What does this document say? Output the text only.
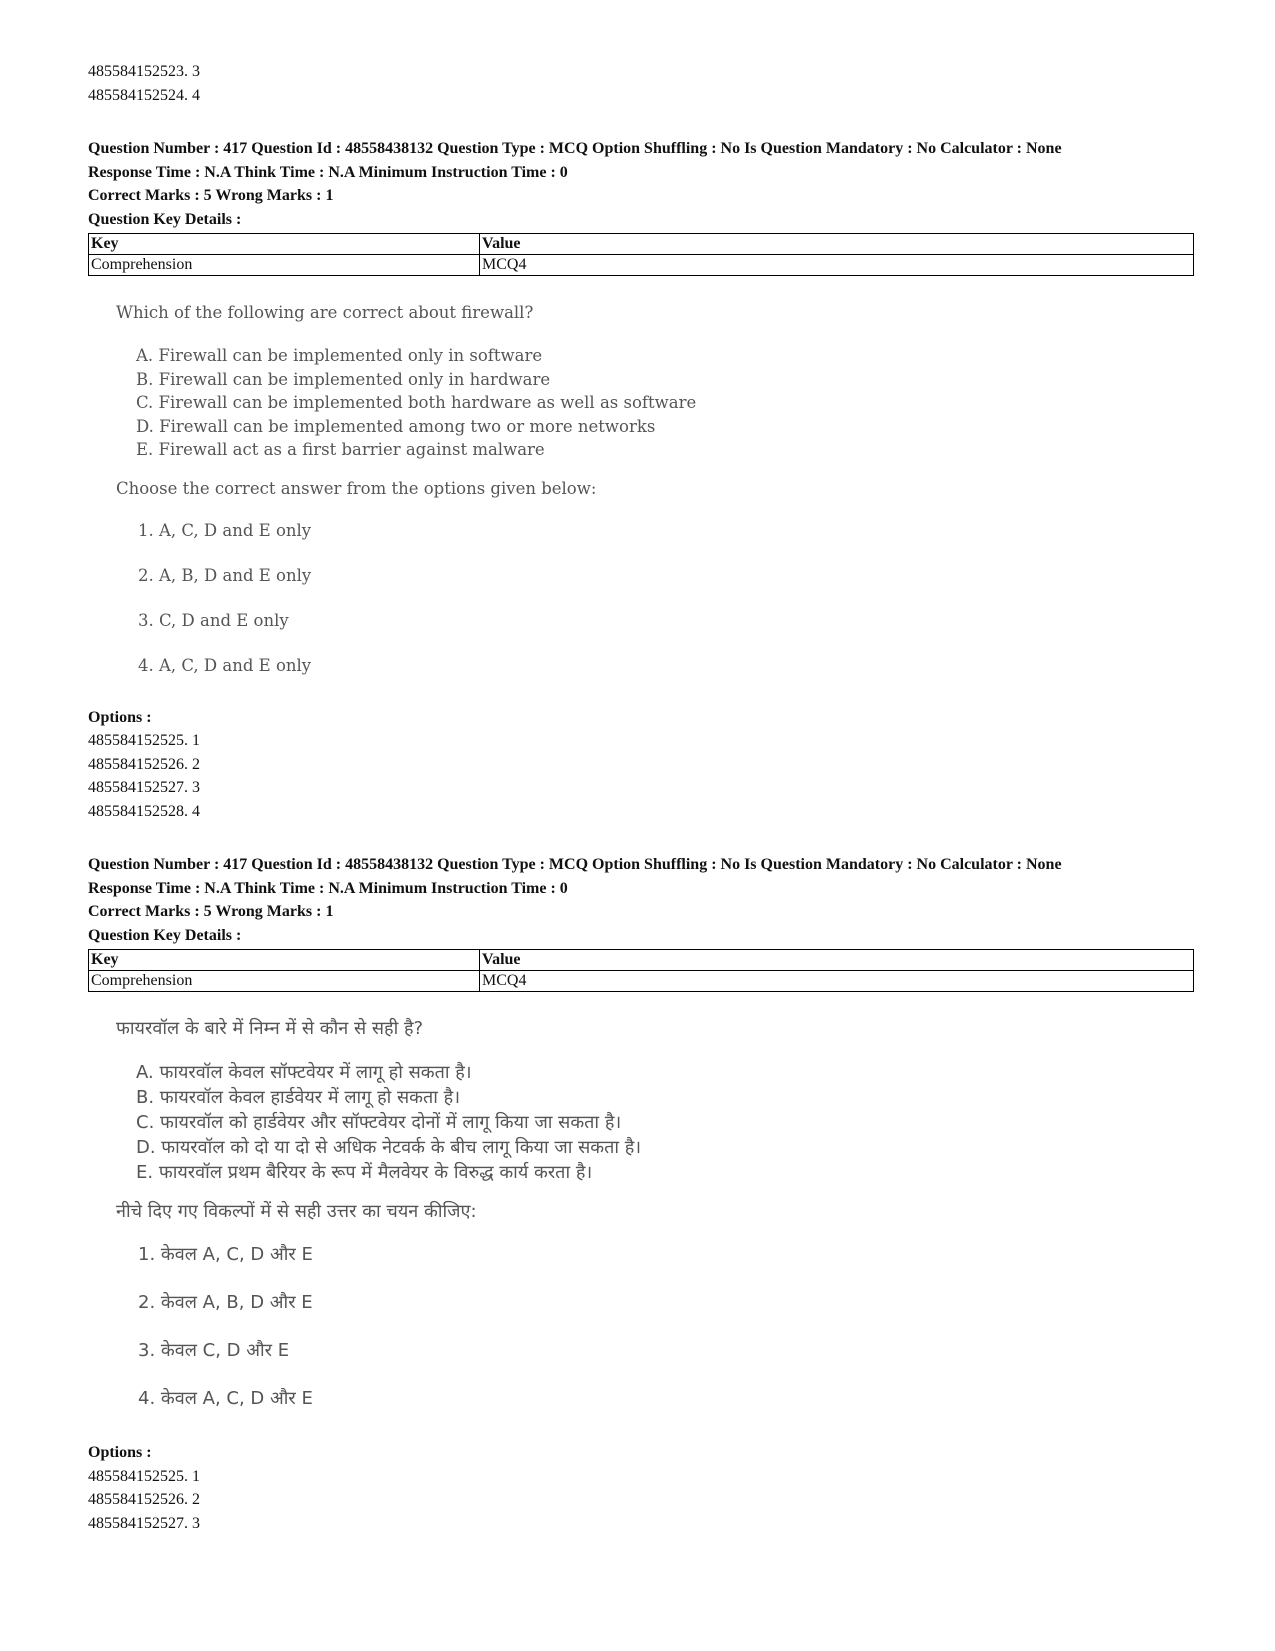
485584152523. 3
485584152524. 4
Question Number : 417 Question Id : 48558438132 Question Type : MCQ Option Shuffling : No Is Question Mandatory : No Calculator : None
Response Time : N.A Think Time : N.A Minimum Instruction Time : 0
Correct Marks : 5 Wrong Marks : 1
Question Key Details :
Key	Value
Comprehension	MCQ4
Which of the following are correct about firewall?
A. Firewall can be implemented only in software
B. Firewall can be implemented only in hardware
C. Firewall can be implemented both hardware as well as software
D. Firewall can be implemented among two or more networks
E. Firewall act as a first barrier against malware
Choose the correct answer from the options given below:
1. A, C, D and E only
2. A, B, D and E only
3. C, D and E only
4. A, C, D and E only
Options :
485584152525. 1
485584152526. 2
485584152527. 3
485584152528. 4
Question Number : 417 Question Id : 48558438132 Question Type : MCQ Option Shuffling : No Is Question Mandatory : No Calculator : None
Response Time : N.A Think Time : N.A Minimum Instruction Time : 0
Correct Marks : 5 Wrong Marks : 1
Question Key Details :
Key	Value
Comprehension	MCQ4
फायरवॉल के बारे में निम्न में से कौन से सही है?
A. फायरवॉल केवल सॉफ्टवेयर में लागू हो सकता है।
B. फायरवॉल केवल हार्डवेयर में लागू हो सकता है।
C. फायरवॉल को हार्डवेयर और सॉफ्टवेयर दोनों में लागू किया जा सकता है।
D. फायरवॉल को दो या दो से अधिक नेटवर्क के बीच लागू किया जा सकता है।
E. फायरवॉल प्रथम बैरियर के रूप में मैलवेयर के विरुद्ध कार्य करता है।
नीचे दिए गए विकल्पों में से सही उत्तर का चयन कीजिए:
1. केवल A, C, D और E
2. केवल A, B, D और E
3. केवल C, D और E
4. केवल A, C, D और E
Options :
485584152525. 1
485584152526. 2
485584152527. 3
